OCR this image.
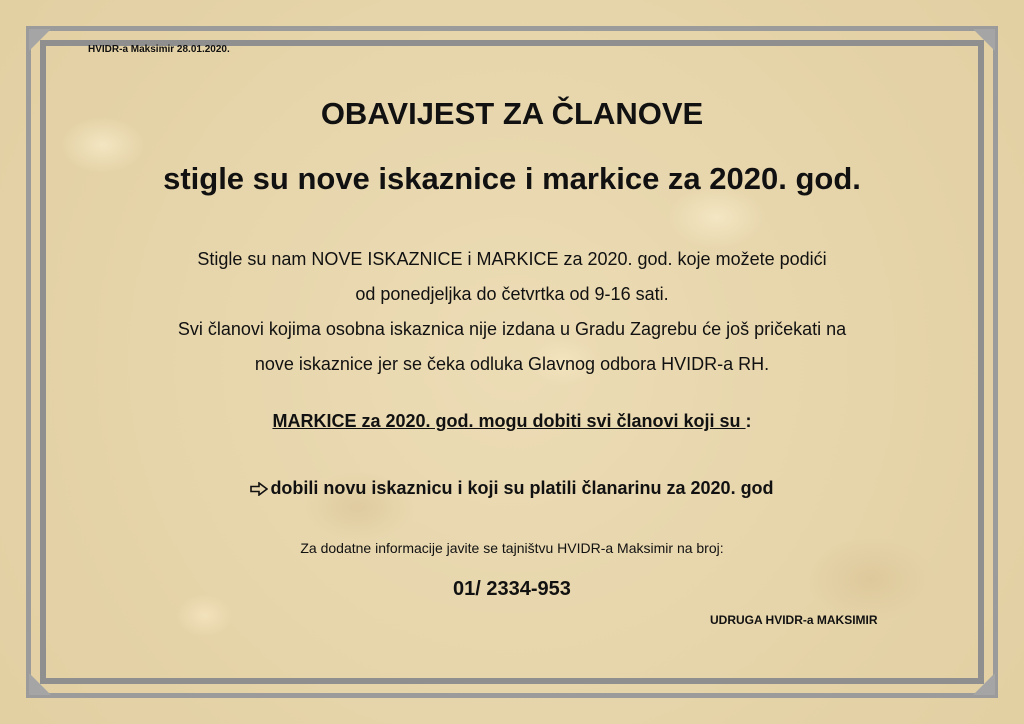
HVIDR-a Maksimir 28.01.2020.
OBAVIJEST ZA ČLANOVE
stigle su nove iskaznice i markice za 2020. god.
Stigle su nam NOVE ISKAZNICE i MARKICE za 2020. god. koje možete podići
od ponedjeljka do četvrtka od 9-16 sati.
Svi članovi kojima osobna iskaznica nije izdana u Gradu Zagrebu će još pričekati na
nove iskaznice jer se čeka odluka Glavnog odbora HVIDR-a RH.
MARKICE za 2020. god. mogu dobiti svi članovi koji su :
dobili novu iskaznicu i koji su platili članarinu za 2020. god
Za dodatne informacije javite se tajništvu HVIDR-a Maksimir na broj:
01/ 2334-953
UDRUGA HVIDR-a MAKSIMIR
